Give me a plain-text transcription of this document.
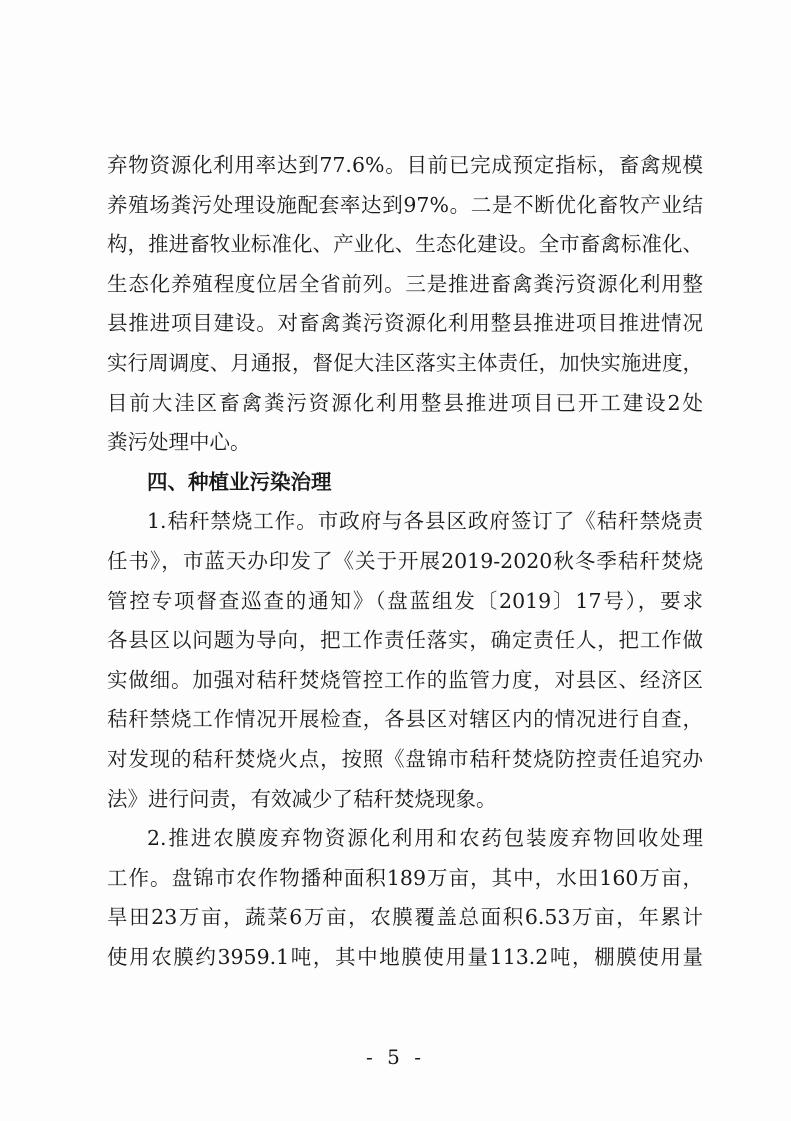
弃物资源化利用率达到77.6%。目前已完成预定指标，畜禽规模
养殖场粪污处理设施配套率达到97%。二是不断优化畜牧产业结
构，推进畜牧业标准化、产业化、生态化建设。全市畜禽标准化、
生态化养殖程度位居全省前列。三是推进畜禽粪污资源化利用整
县推进项目建设。对畜禽粪污资源化利用整县推进项目推进情况
实行周调度、月通报，督促大洼区落实主体责任，加快实施进度，
目前大洼区畜禽粪污资源化利用整县推进项目已开工建设2处
粪污处理中心。
四、种植业污染治理
1.秸秆禁烧工作。市政府与各县区政府签订了《秸秆禁烧责
任书》，市蓝天办印发了《关于开展2019-2020秋冬季秸秆焚烧
管控专项督查巡查的通知》（盘蓝组发〔2019〕17号），要求
各县区以问题为导向，把工作责任落实，确定责任人，把工作做
实做细。加强对秸秆焚烧管控工作的监管力度，对县区、经济区
秸秆禁烧工作情况开展检查，各县区对辖区内的情况进行自查，
对发现的秸秆焚烧火点，按照《盘锦市秸秆焚烧防控责任追究办
法》进行问责，有效减少了秸秆焚烧现象。
2.推进农膜废弃物资源化利用和农药包装废弃物回收处理
工作。盘锦市农作物播种面积189万亩，其中，水田160万亩，
旱田23万亩，蔬菜6万亩，农膜覆盖总面积6.53万亩，年累计
使用农膜约3959.1吨，其中地膜使用量113.2吨，棚膜使用量
- 5 -
